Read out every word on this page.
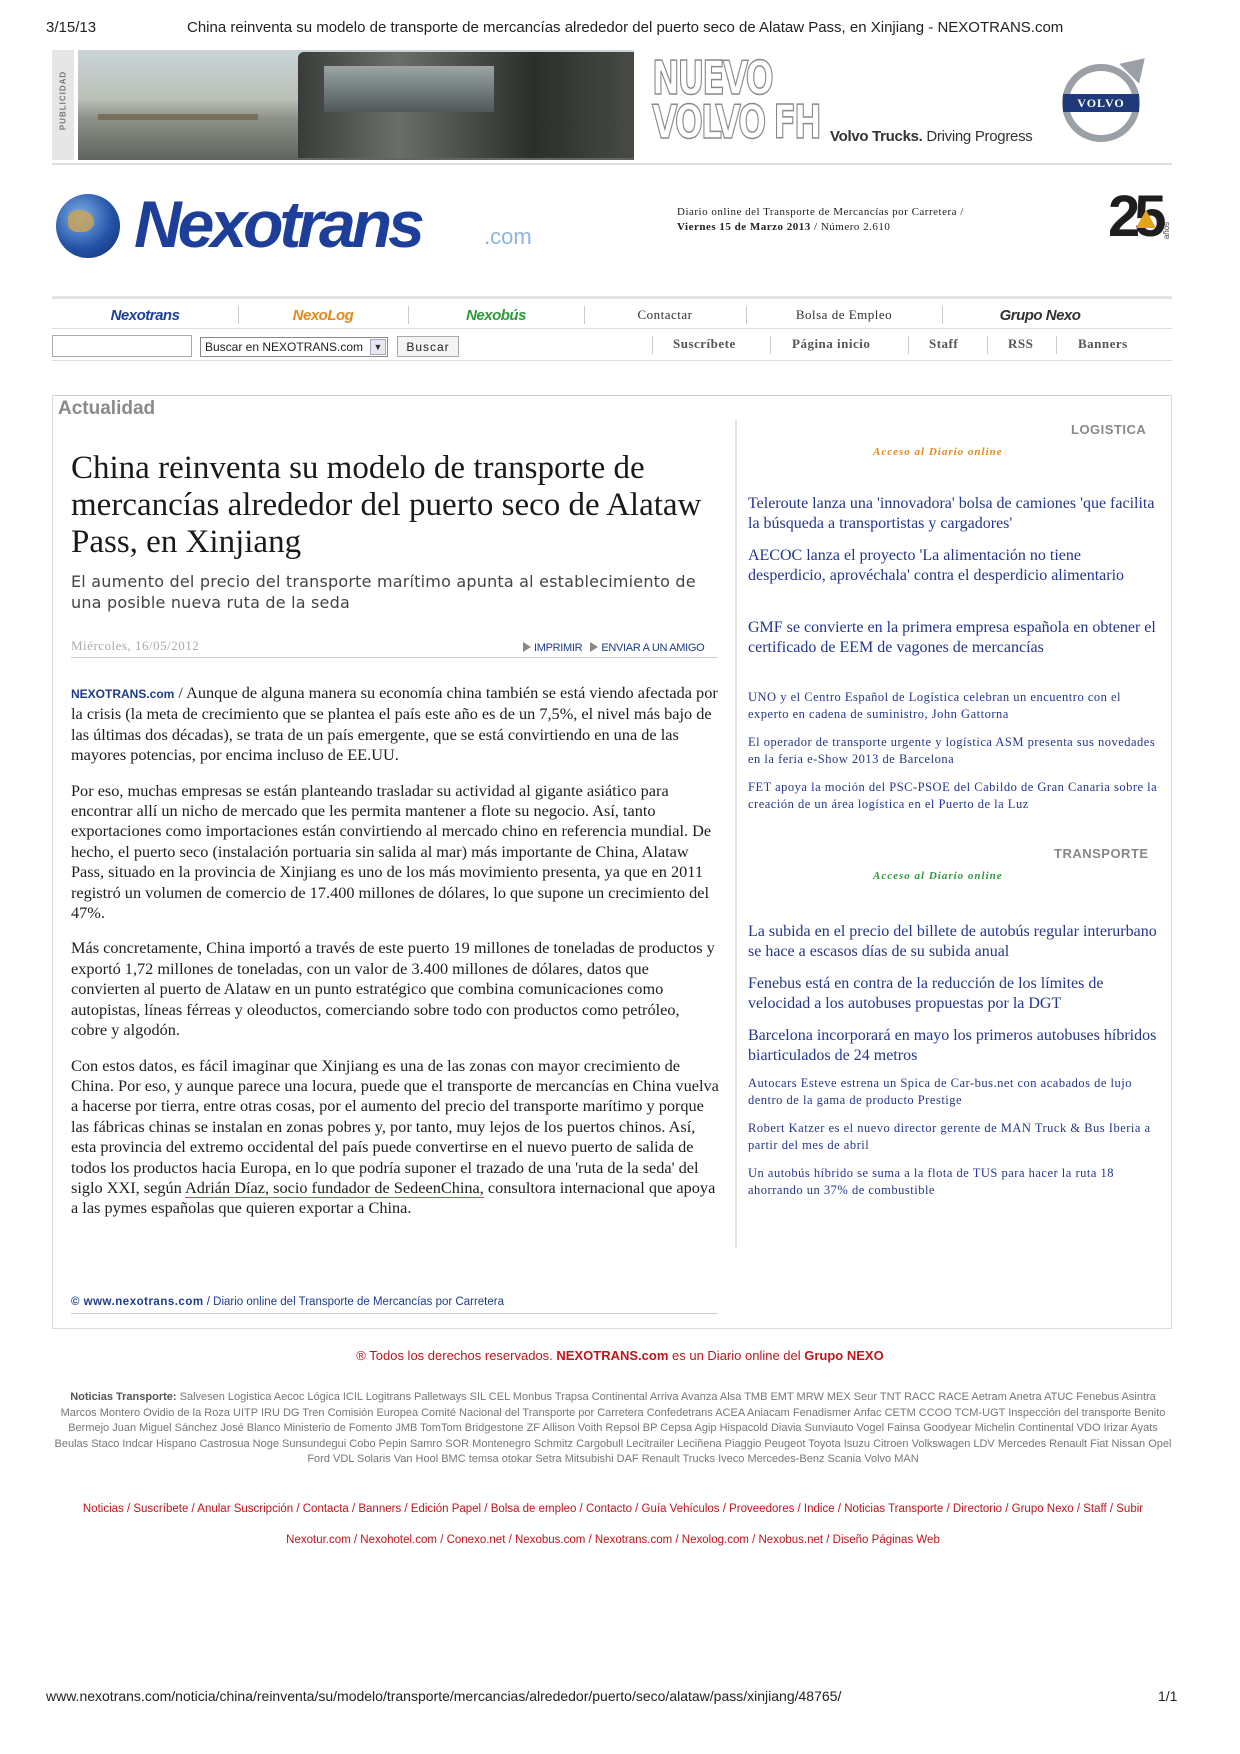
3/15/13	China reinventa su modelo de transporte de mercancías alrededor del puerto seco de Alataw Pass, en Xinjiang - NEXOTRANS.com
PUBLICIDAD	NUEVO
VOLVO FH Volvo Trucks. Driving Progress
VOLVO
Nexotrans	.com
Diario online del Transporte de Mercancías por Carretera /
Viernes 15 de Marzo 2013 / Número 2.610	25 años
Nexotrans	NexoLog	Nexobús	Contactar	Bolsa de Empleo	Grupo Nexo
Buscar en NEXOTRANS.com	▼	Buscar	Suscríbete	Página inicio	Staff	RSS	Banners
Actualidad
China reinventa su modelo de transporte de mercancías alrededor del puerto seco de Alataw Pass, en Xinjiang
El aumento del precio del transporte marítimo apunta al establecimiento de una posible nueva ruta de la seda
Miércoles, 16/05/2012	IMPRIMIR ENVIAR A UN AMIGO

NEXOTRANS.com / Aunque de alguna manera su economía china también se está viendo afectada por la crisis (la meta de crecimiento que se plantea el país este año es de un 7,5%, el nivel más bajo de las últimas dos décadas), se trata de un país emergente, que se está convirtiendo en una de las mayores potencias, por encima incluso de EE.UU.

Por eso, muchas empresas se están planteando trasladar su actividad al gigante asiático para encontrar allí un nicho de mercado que les permita mantener a flote su negocio. Así, tanto exportaciones como importaciones están convirtiendo al mercado chino en referencia mundial. De hecho, el puerto seco (instalación portuaria sin salida al mar) más importante de China, Alataw Pass, situado en la provincia de Xinjiang es uno de los más movimiento presenta, ya que en 2011 registró un volumen de comercio de 17.400 millones de dólares, lo que supone un crecimiento del 47%.

Más concretamente, China importó a través de este puerto 19 millones de toneladas de productos y exportó 1,72 millones de toneladas, con un valor de 3.400 millones de dólares, datos que convierten al puerto de Alataw en un punto estratégico que combina comunicaciones como autopistas, líneas férreas y oleoductos, comerciando sobre todo con productos como petróleo, cobre y algodón.

Con estos datos, es fácil imaginar que Xinjiang es una de las zonas con mayor crecimiento de China. Por eso, y aunque parece una locura, puede que el transporte de mercancías en China vuelva a hacerse por tierra, entre otras cosas, por el aumento del precio del transporte marítimo y porque las fábricas chinas se instalan en zonas pobres y, por tanto, muy lejos de los puertos chinos. Así, esta provincia del extremo occidental del país puede convertirse en el nuevo puerto de salida de todos los productos hacia Europa, en lo que podría suponer el trazado de una 'ruta de la seda' del siglo XXI, según Adrián Díaz, socio fundador de SedeenChina, consultora internacional que apoya a las pymes españolas que quieren exportar a China.

© www.nexotrans.com / Diario online del Transporte de Mercancías por Carretera
LOGISTICA
Acceso al Diario online
Teleroute lanza una 'innovadora' bolsa de camiones 'que facilita la búsqueda a transportistas y cargadores'
AECOC lanza el proyecto 'La alimentación no tiene desperdicio, aprovéchala' contra el desperdicio alimentario
GMF se convierte en la primera empresa española en obtener el certificado de EEM de vagones de mercancías
UNO y el Centro Español de Logística celebran un encuentro con el experto en cadena de suministro, John Gattorna
El operador de transporte urgente y logística ASM presenta sus novedades en la feria e-Show 2013 de Barcelona
FET apoya la moción del PSC-PSOE del Cabildo de Gran Canaria sobre la creación de un área logística en el Puerto de la Luz
TRANSPORTE
Acceso al Diario online
La subida en el precio del billete de autobús regular interurbano se hace a escasos días de su subida anual
Fenebus está en contra de la reducción de los límites de velocidad a los autobuses propuestas por la DGT
Barcelona incorporará en mayo los primeros autobuses híbridos biarticulados de 24 metros
Autocars Esteve estrena un Spica de Car-bus.net con acabados de lujo dentro de la gama de producto Prestige
Robert Katzer es el nuevo director gerente de MAN Truck & Bus Iberia a partir del mes de abril
Un autobús híbrido se suma a la flota de TUS para hacer la ruta 18 ahorrando un 37% de combustible
® Todos los derechos reservados. NEXOTRANS.com es un Diario online del Grupo NEXO
Noticias Transporte: Salvesen Logistica Aecoc Lógica ICIL Logitrans Palletways SIL CEL Monbus Trapsa Continental Arriva Avanza Alsa TMB EMT MRW MEX Seur TNT RACC RACE Aetram Anetra ATUC Fenebus Asintra Marcos Montero Ovidio de la Roza UITP IRU DG Tren Comisión Europea Comité Nacional del Transporte por Carretera Confedetrans ACEA Aniacam Fenadismer Anfac CETM CCOO TCM-UGT Inspección del transporte Benito Bermejo Juan Miguel Sánchez José Blanco Ministerio de Fomento JMB TomTom Bridgestone ZF Allison Voith Repsol BP Cepsa Agip Hispacold Diavia Sunviauto Vogel Fainsa Goodyear Michelin Continental VDO Irizar Ayats Beulas Staco Indcar Hispano Castrosua Noge Sunsundegui Cobo Pepin Samro SOR Montenegro Schmitz Cargobull Lecitrailer Leciñena Piaggio Peugeot Toyota Isuzu Citroen Volkswagen LDV Mercedes Renault Fiat Nissan Opel Ford VDL Solaris Van Hool BMC temsa otokar Setra Mitsubishi DAF Renault Trucks Iveco Mercedes-Benz Scania Volvo MAN
Noticias / Suscríbete / Anular Suscripción / Contacta / Banners / Edición Papel / Bolsa de empleo / Contacto / Guía Vehículos / Proveedores / Indice / Noticias Transporte / Directorio / Grupo Nexo / Staff / Subir
Nexotur.com / Nexohotel.com / Conexo.net / Nexobus.com / Nexotrans.com / Nexolog.com / Nexobus.net / Diseño Páginas Web
www.nexotrans.com/noticia/china/reinventa/su/modelo/transporte/mercancias/alrededor/puerto/seco/alataw/pass/xinjiang/48765/	1/1
